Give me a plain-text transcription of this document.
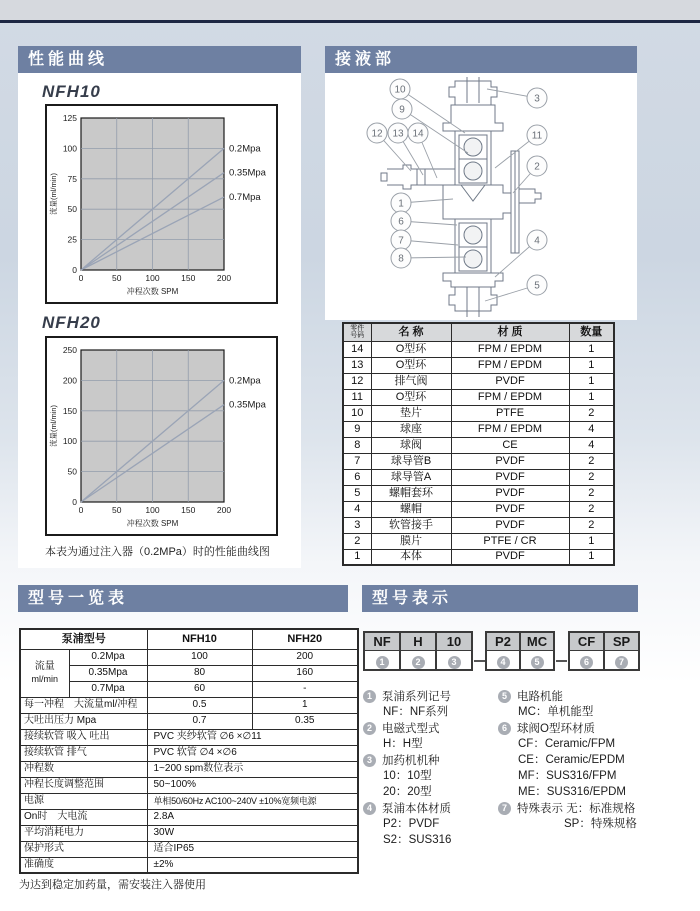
性能曲线
NFH10
0.2Mpa
0.35Mpa
0.7Mpa
0	50	100	150	200
0
25
50
75
100
125
冲程次数 SPM
流量(ml/min)
NFH20
0.2Mpa
0.35Mpa
0	50	100	150	200
0
50
100
150
200
250
冲程次数 SPM
流量(ml/min)
本表为通过注入器（0.2MPa）时的性能曲线图
接液部
10
9
12 13 14
3
11
2
1
6
7
8
4
5
零件
号码	名 称	材 质	数量
14	O型环	FPM / EPDM	1
13	O型环	FPM / EPDM	1
12	排气阀	PVDF	1
11	O型环	FPM / EPDM	1
10	垫片	PTFE	2
9	球座	FPM / EPDM	4
8	球阀	CE	4
7	球导管B	PVDF	2
6	球导管A	PVDF	2
5	螺帽套环	PVDF	2
4	螺帽	PVDF	2
3	软管接手	PVDF	2
2	膜片	PTFE / CR	1
1	本体	PVDF	1
型号一览表
泵浦型号		NFH10	NFH20
流量
ml/min	0.2Mpa	100	200
	0.35Mpa	80	160
	0.7Mpa	60	-
每一冲程　大流量ml/冲程		0.5	1
大吐出压力 Mpa		0.7	0.35
接续软管 吸入 吐出		PVC 夹纱软管 ∅6 ×∅11	
接续软管 排气		PVC 软管 ∅4 ×∅6	
冲程数		1~200 spm数位表示	
冲程长度调整范围		50~100%	
电源		单相50/60Hz AC100~240V ±10%宽频电源	
On时　大电流		2.8A	
平均消耗电力		30W	
保护形式		适合IP65	
准确度		±2%	
为达到稳定加药量，需安装注入器使用
型号表示
NF
1
H
2
10
3
P2
4
MC
5
CF
6
SP
7
1 泵浦系列记号
NF：NF系列
2 电磁式型式
H：H型
3 加药机机种
10：10型
20：20型
4 泵浦本体材质
P2：PVDF
S2：SUS316
5 电路机能
MC：单机能型
6 球阀O型环材质
CF：Ceramic/FPM
CE：Ceramic/EPDM
MF：SUS316/FPM
ME：SUS316/EPDM
7 特殊表示 无：标准规格
SP：特殊规格
